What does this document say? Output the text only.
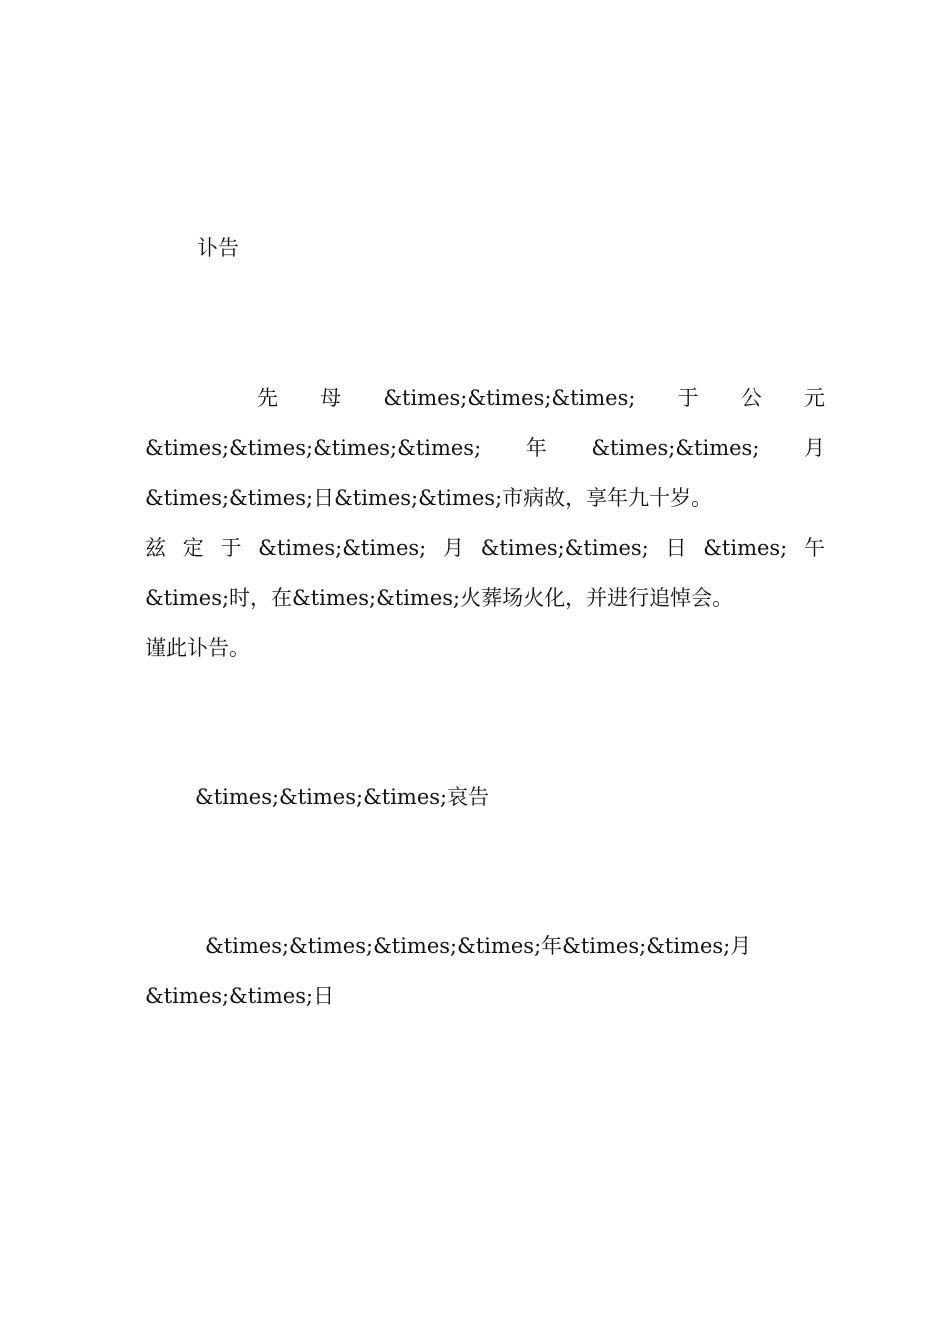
讣告
先 母 &times;&times;&times; 于 公 元
&times;&times;&times;&times; 年 &times;&times; 月
&times;&times;日&times;&times;市病故，享年九十岁。
兹 定 于 &times;&times; 月 &times;&times; 日 &times; 午
&times;时，在&times;&times;火葬场火化，并进行追悼会。
谨此讣告。
&times;&times;&times;哀告
&times;&times;&times;&times;年&times;&times;月
&times;&times;日
